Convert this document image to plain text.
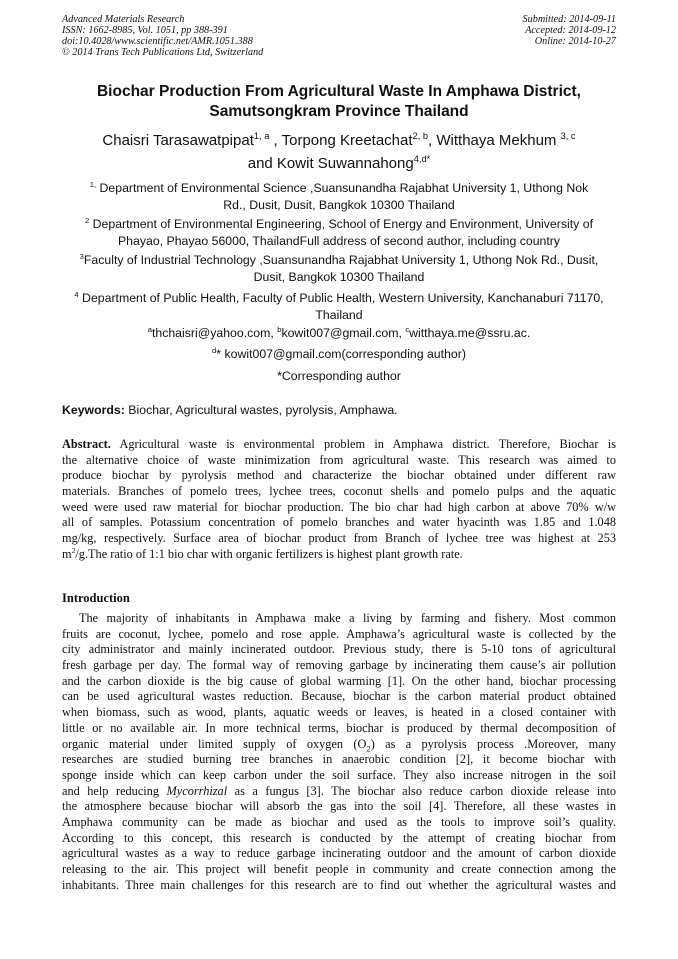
Advanced Materials Research
ISSN: 1662-8985, Vol. 1051, pp 388-391
doi:10.4028/www.scientific.net/AMR.1051.388
© 2014 Trans Tech Publications Ltd, Switzerland
Submitted: 2014-09-11
Accepted: 2014-09-12
Online: 2014-10-27
Biochar Production From Agricultural Waste In Amphawa District,
Samutsongkram Province Thailand
Chaisri Tarasawatpipat$^{1, a}$ , Torpong Kreetachat$^{2, b}$, Witthaya Mekhum $^{3, c}$
and Kowit Suwannahong$^{4,d*}$
$^{1,}$ Department of Environmental Science ,Suansunandha Rajabhat University 1, Uthong Nok
Rd., Dusit, Dusit, Bangkok 10300 Thailand
$^2$ Department of Environmental Engineering, School of Energy and Environment, University of
Phayao, Phayao 56000, ThailandFull address of second author, including country
$^3$Faculty of Industrial Technology ,Suansunandha Rajabhat University 1, Uthong Nok Rd., Dusit,
Dusit, Bangkok 10300 Thailand
$^4$ Department of Public Health, Faculty of Public Health, Western University, Kanchanaburi 71170,
Thailand
$^a$thchaisri@yahoo.com, $^b$kowit007@gmail.com, $^c$witthaya.me@ssru.ac.
$^d$* kowit007@gmail.com(corresponding author)
*Corresponding author
Keywords: Biochar, Agricultural wastes, pyrolysis, Amphawa.
Abstract. Agricultural waste is environmental problem in Amphawa district. Therefore, Biochar is
the alternative choice of waste minimization from agricultural waste. This research was aimed to
produce biochar by pyrolysis method and characterize the biochar obtained under different raw
materials. Branches of pomelo trees, lychee trees, coconut shells and pomelo pulps and the aquatic
weed were used raw material for biochar production. The bio char had high carbon at above 70% w/w
all of samples. Potassium concentration of pomelo branches and water hyacinth was 1.85 and 1.048
mg/kg, respectively. Surface area of biochar product from Branch of lychee tree was highest at 253
$m^2/g.The$ ratio of 1:1 bio char with organic fertilizers is highest plant growth rate.
Introduction
The majority of inhabitants in Amphawa make a living by farming and fishery. Most common
fruits are coconut, lychee, pomelo and rose apple. Amphawa’s agricultural waste is collected by the
city administrator and mainly incinerated outdoor. Previous study, there is 5-10 tons of agricultural
fresh garbage per day. The formal way of removing garbage by incinerating them cause’s air pollution
and the carbon dioxide is the big cause of global warming [1]. On the other hand, biochar processing
can be used agricultural wastes reduction. Because, biochar is the carbon material product obtained
when biomass, such as wood, plants, aquatic weeds or leaves, is heated in a closed container with
little or no available air. In more technical terms, biochar is produced by thermal decomposition of
organic material under limited supply of oxygen $(O_2)$ as a pyrolysis process .Moreover, many
researches are studied burning tree branches in anaerobic condition [2], it become biochar with
sponge inside which can keep carbon under the soil surface. They also increase nitrogen in the soil
and help reducing Mycorrhizal as a fungus [3]. The biochar also reduce carbon dioxide release into
the atmosphere because biochar will absorb the gas into the soil [4]. Therefore, all these wastes in
Amphawa community can be made as biochar and used as the tools to improve soil’s quality.
According to this concept, this research is conducted by the attempt of creating biochar from
agricultural wastes as a way to reduce garbage incinerating outdoor and the amount of carbon dioxide
releasing to the air. This project will benefit people in community and create connection among the
inhabitants. Three main challenges for this research are to find out whether the agricultural wastes and
